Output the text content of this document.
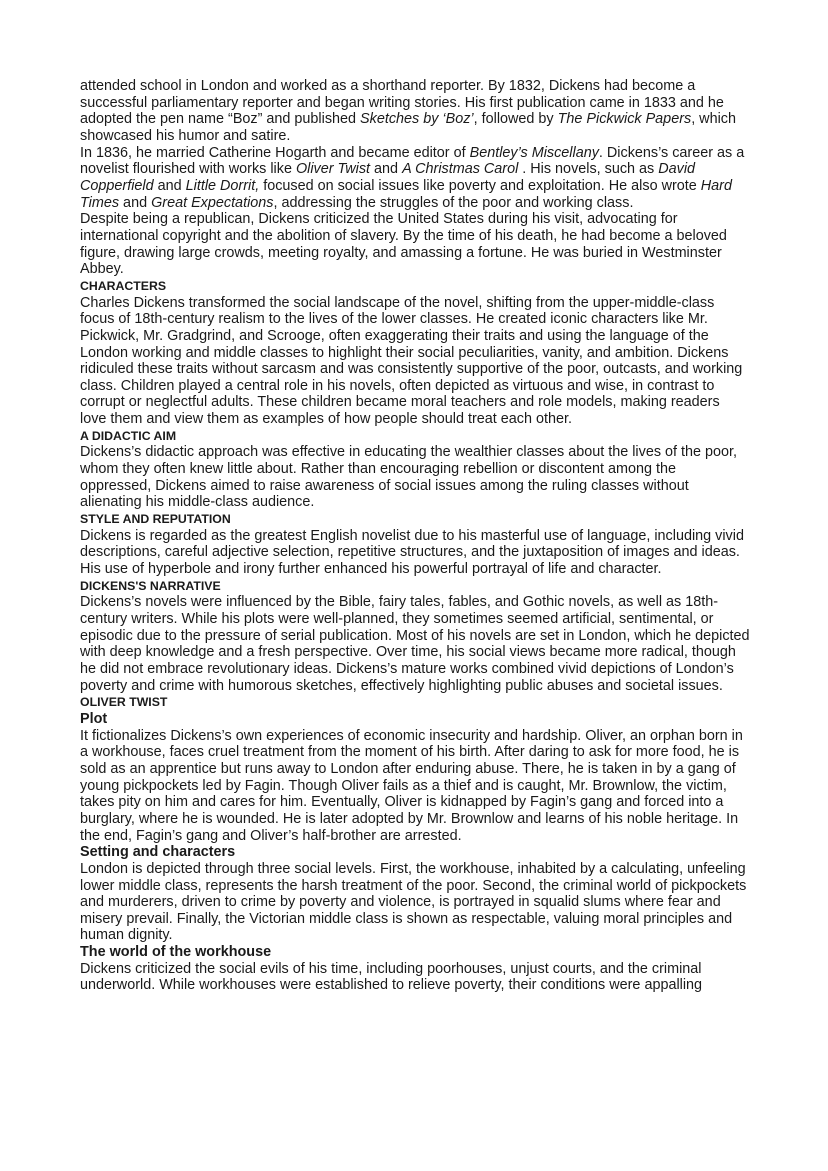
attended school in London and worked as a shorthand reporter. By 1832, Dickens had become a successful parliamentary reporter and began writing stories. His first publication came in 1833 and he adopted the pen name “Boz” and published Sketches by ‘Boz’, followed by The Pickwick Papers, which showcased his humor and satire.

In 1836, he married Catherine Hogarth and became editor of Bentley’s Miscellany. Dickens’s career as a novelist flourished with works like Oliver Twist and A Christmas Carol . His novels, such as David Copperfield and Little Dorrit, focused on social issues like poverty and exploitation. He also wrote Hard Times and Great Expectations, addressing the struggles of the poor and working class.

Despite being a republican, Dickens criticized the United States during his visit, advocating for international copyright and the abolition of slavery. By the time of his death, he had become a beloved figure, drawing large crowds, meeting royalty, and amassing a fortune. He was buried in Westminster Abbey.

CHARACTERS

Charles Dickens transformed the social landscape of the novel, shifting from the upper-middle-class focus of 18th-century realism to the lives of the lower classes. He created iconic characters like Mr. Pickwick, Mr. Gradgrind, and Scrooge, often exaggerating their traits and using the language of the London working and middle classes to highlight their social peculiarities, vanity, and ambition. Dickens ridiculed these traits without sarcasm and was consistently supportive of the poor, outcasts, and working class. Children played a central role in his novels, often depicted as virtuous and wise, in contrast to corrupt or neglectful adults. These children became moral teachers and role models, making readers love them and view them as examples of how people should treat each other.

A DIDACTIC AIM

Dickens’s didactic approach was effective in educating the wealthier classes about the lives of the poor, whom they often knew little about. Rather than encouraging rebellion or discontent among the oppressed, Dickens aimed to raise awareness of social issues among the ruling classes without alienating his middle-class audience.

STYLE AND REPUTATION

Dickens is regarded as the greatest English novelist due to his masterful use of language, including vivid descriptions, careful adjective selection, repetitive structures, and the juxtaposition of images and ideas. His use of hyperbole and irony further enhanced his powerful portrayal of life and character.

DICKENS'S NARRATIVE

Dickens’s novels were influenced by the Bible, fairy tales, fables, and Gothic novels, as well as 18th-century writers. While his plots were well-planned, they sometimes seemed artificial, sentimental, or episodic due to the pressure of serial publication. Most of his novels are set in London, which he depicted with deep knowledge and a fresh perspective. Over time, his social views became more radical, though he did not embrace revolutionary ideas. Dickens’s mature works combined vivid depictions of London’s poverty and crime with humorous sketches, effectively highlighting public abuses and societal issues.

OLIVER TWIST
Plot

It fictionalizes Dickens’s own experiences of economic insecurity and hardship. Oliver, an orphan born in a workhouse, faces cruel treatment from the moment of his birth. After daring to ask for more food, he is sold as an apprentice but runs away to London after enduring abuse. There, he is taken in by a gang of young pickpockets led by Fagin. Though Oliver fails as a thief and is caught, Mr. Brownlow, the victim, takes pity on him and cares for him. Eventually, Oliver is kidnapped by Fagin’s gang and forced into a burglary, where he is wounded. He is later adopted by Mr. Brownlow and learns of his noble heritage. In the end, Fagin’s gang and Oliver’s half-brother are arrested.

Setting and characters

London is depicted through three social levels. First, the workhouse, inhabited by a calculating, unfeeling lower middle class, represents the harsh treatment of the poor. Second, the criminal world of pickpockets and murderers, driven to crime by poverty and violence, is portrayed in squalid slums where fear and misery prevail. Finally, the Victorian middle class is shown as respectable, valuing moral principles and human dignity.

The world of the workhouse

Dickens criticized the social evils of his time, including poorhouses, unjust courts, and the criminal underworld. While workhouses were established to relieve poverty, their conditions were appalling
